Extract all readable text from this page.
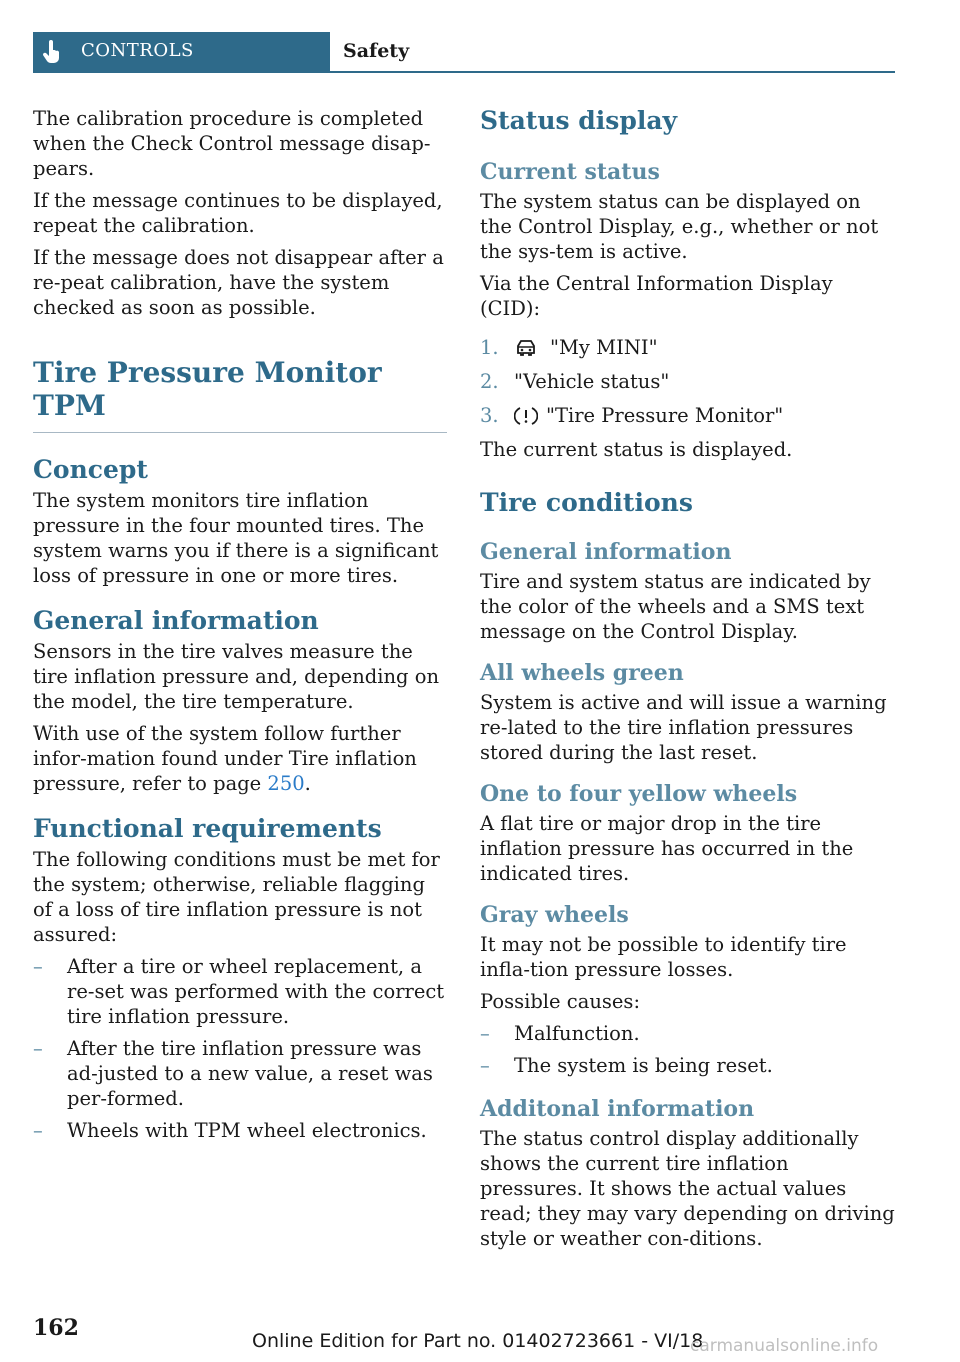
CONTROLS	Safety

The calibration procedure is completed when the Check Control message disap‐pears.

If the message continues to be displayed, repeat the calibration.

If the message does not disappear after a re‐peat calibration, have the system checked as soon as possible.

Tire Pressure Monitor TPM
Concept

The system monitors tire inflation pressure in the four mounted tires. The system warns you if there is a significant loss of pressure in one or more tires.

General information

Sensors in the tire valves measure the tire inflation pressure and, depending on the model, the tire temperature.

With use of the system follow further infor‐mation found under Tire inflation pressure, refer to page 250.

Functional requirements

The following conditions must be met for the system; otherwise, reliable flagging of a loss of tire inflation pressure is not assured:

– After a tire or wheel replacement, a re‐set was performed with the correct tire inflation pressure.
– After the tire inflation pressure was ad‐justed to a new value, a reset was per‐formed.
– Wheels with TPM wheel electronics.
Status display
Current status

The system status can be displayed on the Control Display, e.g., whether or not the sys‐tem is active.

Via the Central Information Display (CID):

1.	"My MINI"
2. "Vehicle status"
3. "Tire Pressure Monitor"

The current status is displayed.

Tire conditions
General information

Tire and system status are indicated by the color of the wheels and a SMS text message on the Control Display.

All wheels green

System is active and will issue a warning re‐lated to the tire inflation pressures stored during the last reset.

One to four yellow wheels

A flat tire or major drop in the tire inflation pressure has occurred in the indicated tires.

Gray wheels

It may not be possible to identify tire infla‐tion pressure losses.

Possible causes:

– Malfunction.
– The system is being reset.
Additonal information

The status control display additionally shows the current tire inflation pressures. It shows the actual values read; they may vary depending on driving style or weather con‐ditions.

162	Online Edition for Part no. 01402723661 - VI/18
carmanualsonline.info
